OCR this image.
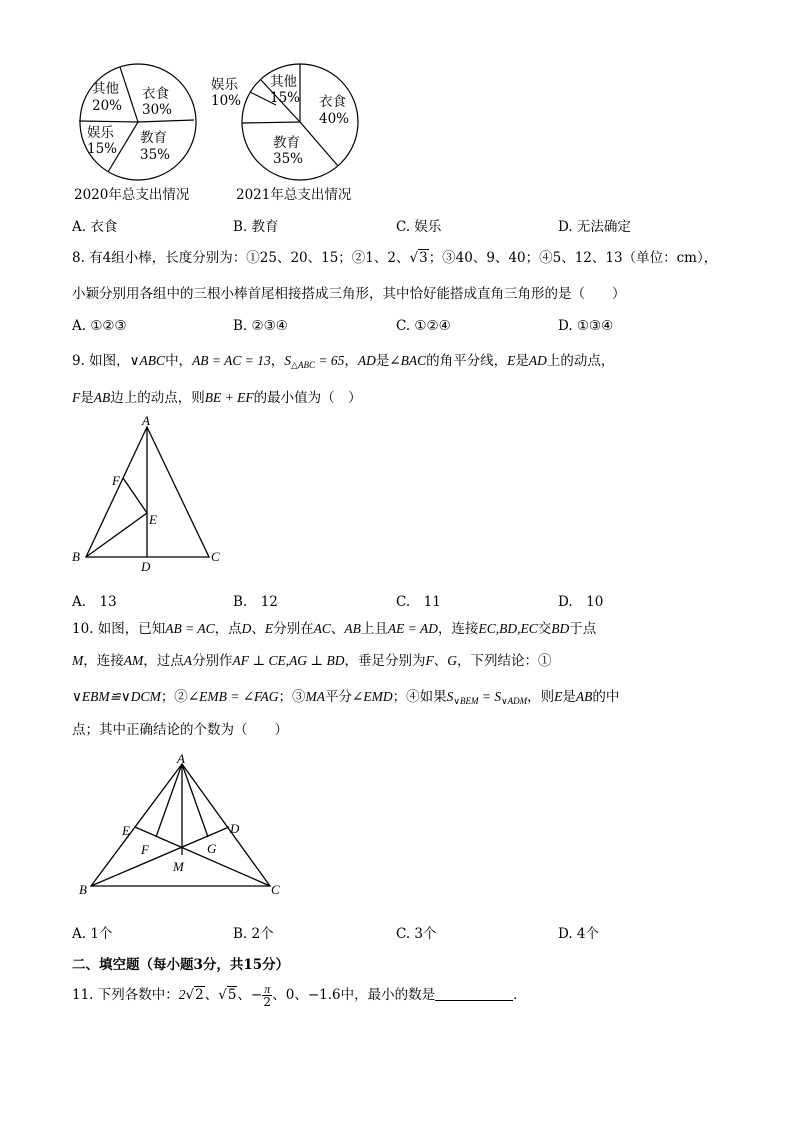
衣食
30%
教育
35%
娱乐
15%
其他
20%
2020年总支出情况
衣食
40%
教育
35%
娱乐
10%
其他
15%
2021年总支出情况
A. 衣食	B. 教育	C. 娱乐	D. 无法确定
8. 有4组小棒，长度分别为：①25、20、15；②1、2、√3；③40、9、40；④5、12、13（单位：cm），
小颖分别用各组中的三根小棒首尾相接搭成三角形，其中恰好能搭成直角三角形的是（　　）
A. ①②③	B. ②③④	C. ①②④	D. ①③④
9. 如图，∨ABC中，AB = AC = 13，$S_{\triangle ABC} = 65$，AD是∠BAC的角平分线，E是AD上的动点，
F是AB边上的动点，则BE + EF的最小值为（　）
A
B	C
D
E
F
A.　13	B.　12	C.　11	D.　10
10. 如图，已知AB = AC，点D、E分别在AC、AB上且AE = AD，连接EC,BD,EC交BD于点
M，连接AM，过点A分别作AF ⊥ CE,AG ⊥ BD，垂足分别为F、G，下列结论：①
∨EBM≌∨DCM；②∠EMB = ∠FAG；③MA平分∠EMD；④如果$S_{\vee BEM} = S_{\vee ADM}$，则E是AB的中
点；其中正确结论的个数为（　　）
A
B	C
D
E
F	G
M
A. 1个	B. 2个	C. 3个	D. 4个
二、填空题（每小题3分，共15分）
11. 下列各数中：2√2、√5、− $\frac{\pi}{2}$ 、0、−1.6中，最小的数是	．
